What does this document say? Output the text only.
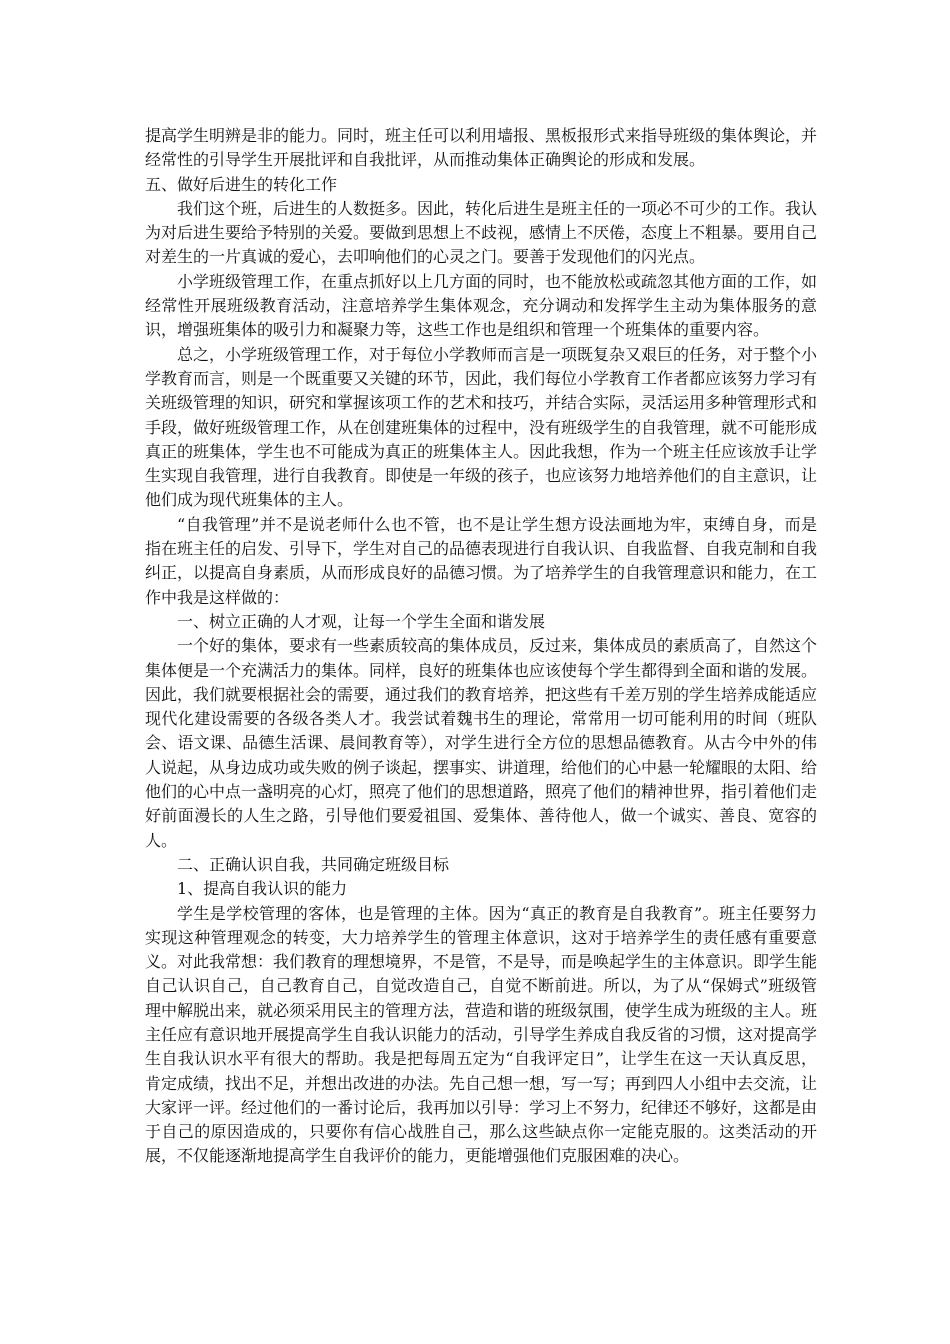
提高学生明辨是非的能力。同时，班主任可以利用墙报、黑板报形式来指导班级的集体舆论，并经常性的引导学生开展批评和自我批评，从而推动集体正确舆论的形成和发展。

五、做好后进生的转化工作

我们这个班，后进生的人数挺多。因此，转化后进生是班主任的一项必不可少的工作。我认为对后进生要给予特别的关爱。要做到思想上不歧视，感情上不厌倦，态度上不粗暴。要用自己对差生的一片真诚的爱心，去叩响他们的心灵之门。要善于发现他们的闪光点。

小学班级管理工作，在重点抓好以上几方面的同时，也不能放松或疏忽其他方面的工作，如经常性开展班级教育活动，注意培养学生集体观念，充分调动和发挥学生主动为集体服务的意识，增强班集体的吸引力和凝聚力等，这些工作也是组织和管理一个班集体的重要内容。

总之，小学班级管理工作，对于每位小学教师而言是一项既复杂又艰巨的任务，对于整个小学教育而言，则是一个既重要又关键的环节，因此，我们每位小学教育工作者都应该努力学习有关班级管理的知识，研究和掌握该项工作的艺术和技巧，并结合实际，灵活运用多种管理形式和手段，做好班级管理工作，从在创建班集体的过程中，没有班级学生的自我管理，就不可能形成真正的班集体，学生也不可能成为真正的班集体主人。因此我想，作为一个班主任应该放手让学生实现自我管理，进行自我教育。即使是一年级的孩子，也应该努力地培养他们的自主意识，让他们成为现代班集体的主人。

“自我管理”并不是说老师什么也不管，也不是让学生想方设法画地为牢，束缚自身，而是指在班主任的启发、引导下，学生对自己的品德表现进行自我认识、自我监督、自我克制和自我纠正，以提高自身素质，从而形成良好的品德习惯。为了培养学生的自我管理意识和能力，在工作中我是这样做的：

一、树立正确的人才观，让每一个学生全面和谐发展

一个好的集体，要求有一些素质较高的集体成员，反过来，集体成员的素质高了，自然这个集体便是一个充满活力的集体。同样，良好的班集体也应该使每个学生都得到全面和谐的发展。因此，我们就要根据社会的需要，通过我们的教育培养，把这些有千差万别的学生培养成能适应现代化建设需要的各级各类人才。我尝试着魏书生的理论，常常用一切可能利用的时间（班队会、语文课、品德生活课、晨间教育等），对学生进行全方位的思想品德教育。从古今中外的伟人说起，从身边成功或失败的例子谈起，摆事实、讲道理，给他们的心中悬一轮耀眼的太阳、给他们的心中点一盏明亮的心灯，照亮了他们的思想道路，照亮了他们的精神世界，指引着他们走好前面漫长的人生之路，引导他们要爱祖国、爱集体、善待他人，做一个诚实、善良、宽容的人。

二、正确认识自我，共同确定班级目标

1、提高自我认识的能力

学生是学校管理的客体，也是管理的主体。因为“真正的教育是自我教育”。班主任要努力实现这种管理观念的转变，大力培养学生的管理主体意识，这对于培养学生的责任感有重要意义。对此我常想：我们教育的理想境界，不是管，不是导，而是唤起学生的主体意识。即学生能自己认识自己，自己教育自己，自觉改造自己，自觉不断前进。所以，为了从“保姆式”班级管理中解脱出来，就必须采用民主的管理方法，营造和谐的班级氛围，使学生成为班级的主人。班主任应有意识地开展提高学生自我认识能力的活动，引导学生养成自我反省的习惯，这对提高学生自我认识水平有很大的帮助。我是把每周五定为“自我评定日”，让学生在这一天认真反思，肯定成绩，找出不足，并想出改进的办法。先自己想一想，写一写；再到四人小组中去交流，让大家评一评。经过他们的一番讨论后，我再加以引导：学习上不努力，纪律还不够好，这都是由于自己的原因造成的，只要你有信心战胜自己，那么这些缺点你一定能克服的。这类活动的开展，不仅能逐渐地提高学生自我评价的能力，更能增强他们克服困难的决心。
